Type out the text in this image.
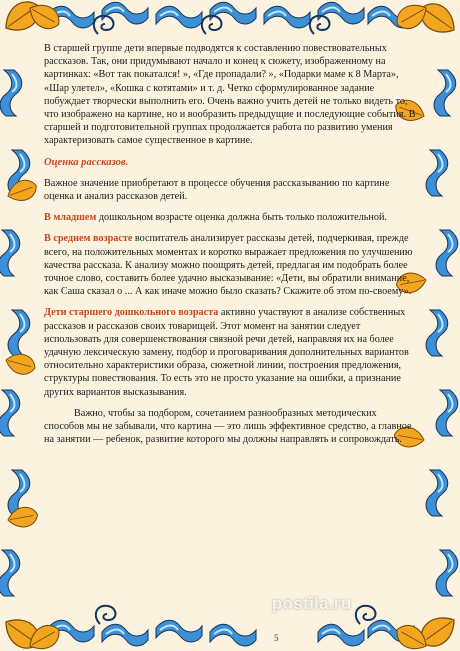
В старшей группе дети впервые подводятся к составлению повествовательных рассказов. Так, они придумывают начало и конец к сюжету, изображенному на картинках: «Вот так покатался! », «Где пропадали? », «Подарки маме к 8 Марта», «Шар улетел», «Кошка с котятами» и т. д. Четко сформулированное задание побуждает творчески выполнить его. Очень важно учить детей не только видеть то, что изображено на картине, но и вообразить предыдущие и последующие события. В старшей и подготовительной группах продолжается работа по развитию умения характеризовать самое существенное в картине.

Оценка рассказов.

Важное значение приобретают в процессе обучения рассказыванию по картине оценка и анализ рассказов детей.

В младшем дошкольном возрасте оценка должна быть только положительной.

В среднем возрасте воспитатель анализирует рассказы детей, подчеркивая, прежде всего, на положительных моментах и коротко выражает предложения по улучшению качества рассказа. К анализу можно поощрять детей, предлагая им подобрать более точное слово, составить более удачно высказывание: «Дети, вы обратили внимание, как Саша сказал о ... А как иначе можно было сказать? Скажите об этом по-своему».

Дети старшего дошкольного возраста активно участвуют в анализе собственных рассказов и рассказов своих товарищей. Этот момент на занятии следует использовать для совершенствования связной речи детей, направляя их на более удачную лексическую замену, подбор и проговаривания дополнительных вариантов относительно характеристики образа, сюжетной линии, построения предложения, структуры повествования. То есть это не просто указание на ошибки, а признание других вариантов высказывания.

Важно, чтобы за подбором, сочетанием разнообразных методических способов мы не забывали, что картина — это лишь эффективное средство, а главное на занятии — ребенок, развитие которого мы должны направлять и сопровождать.

postila.ru
5
